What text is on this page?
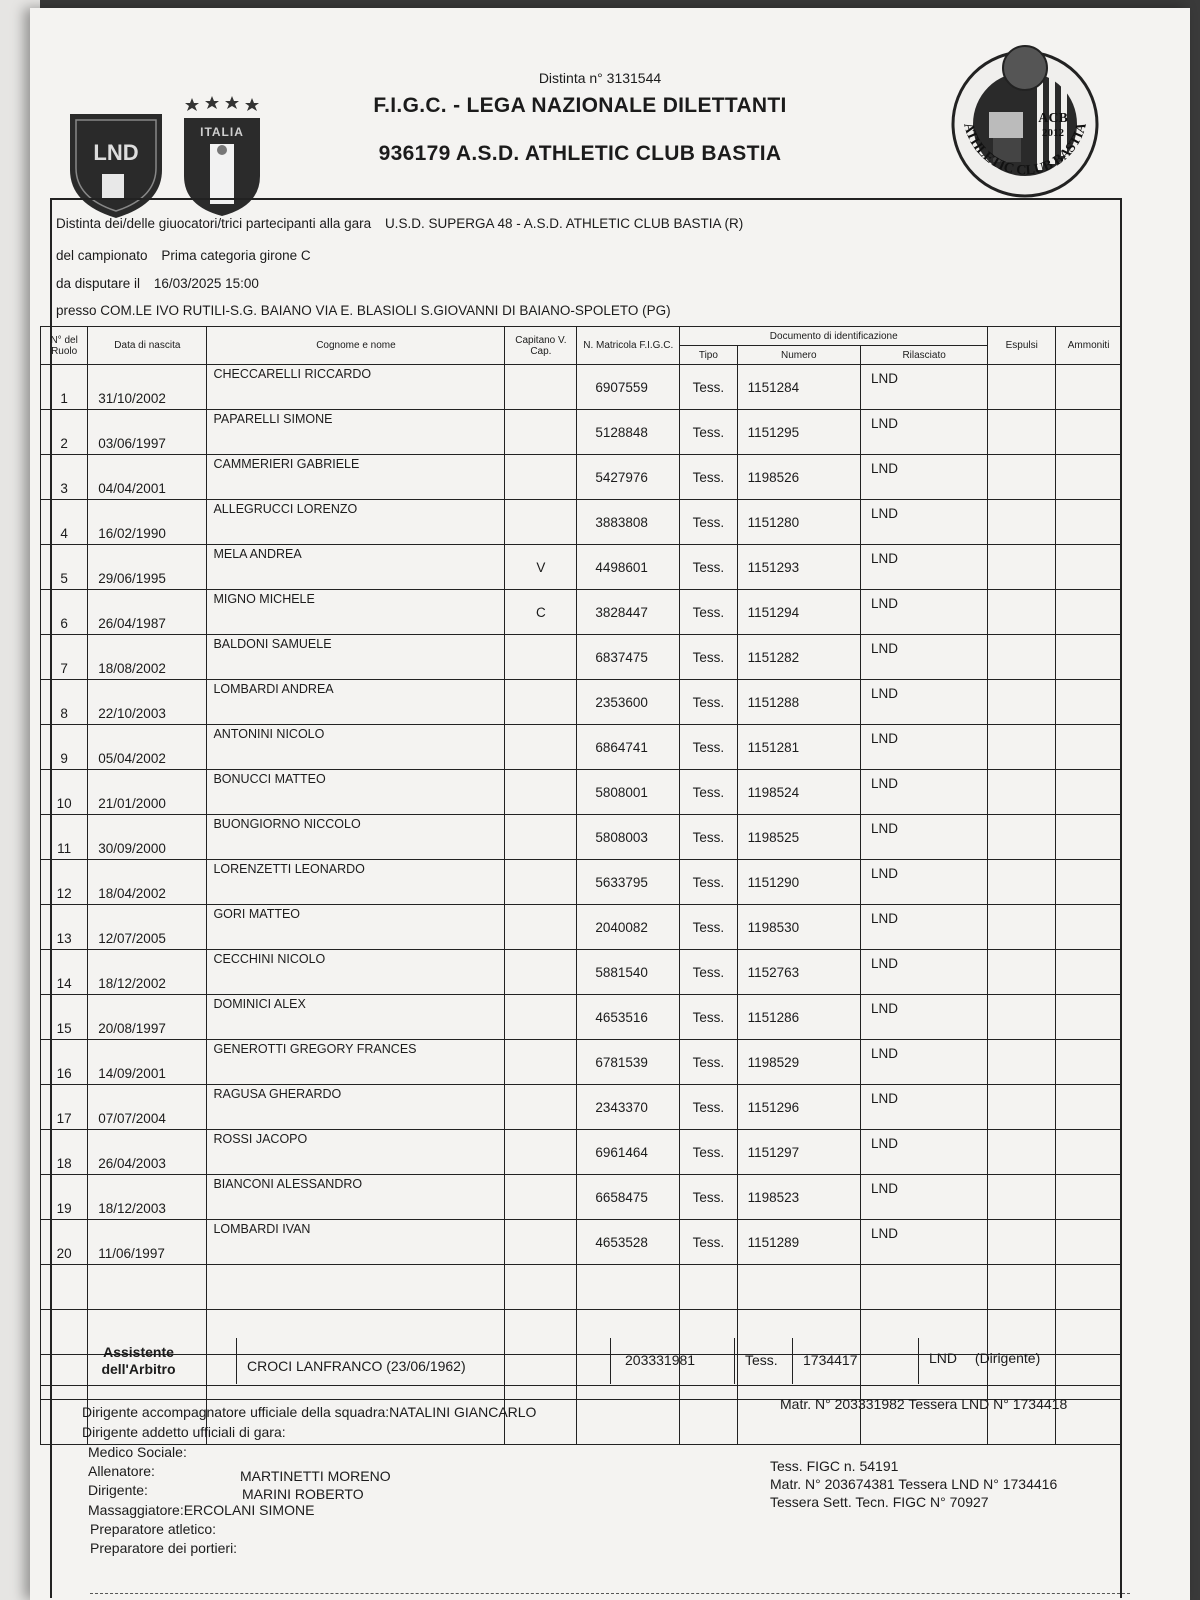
LND
ITALIA
Distinta n° 3131544
F.I.G.C. - LEGA NAZIONALE DILETTANTI
936179 A.S.D. ATHLETIC CLUB BASTIA
ACB
2012
ATHLETIC CLUB BASTIA
Distinta dei/delle giuocatori/trici partecipanti alla gara U.S.D. SUPERGA 48 - A.S.D. ATHLETIC CLUB BASTIA (R)
del campionato Prima categoria girone C
da disputare il 16/03/2025 15:00
presso COM.LE IVO RUTILI-S.G. BAIANO VIA E. BLASIOLI S.GIOVANNI DI BAIANO-SPOLETO (PG)
N° del Ruolo	Data di nascita	Cognome e nome	Capitano V. Cap.	N. Matricola F.I.G.C.	Documento di identificazione			Espulsi	Ammoniti
					Tipo	Numero	Rilasciato		
1	31/10/2002	CHECCARELLI RICCARDO		6907559	Tess.	1151284	LND		
2	03/06/1997	PAPARELLI SIMONE		5128848	Tess.	1151295	LND		
3	04/04/2001	CAMMERIERI GABRIELE		5427976	Tess.	1198526	LND		
4	16/02/1990	ALLEGRUCCI LORENZO		3883808	Tess.	1151280	LND		
5	29/06/1995	MELA ANDREA	V	4498601	Tess.	1151293	LND		
6	26/04/1987	MIGNO MICHELE	C	3828447	Tess.	1151294	LND		
7	18/08/2002	BALDONI SAMUELE		6837475	Tess.	1151282	LND		
8	22/10/2003	LOMBARDI ANDREA		2353600	Tess.	1151288	LND		
9	05/04/2002	ANTONINI NICOLO		6864741	Tess.	1151281	LND		
10	21/01/2000	BONUCCI MATTEO		5808001	Tess.	1198524	LND		
11	30/09/2000	BUONGIORNO NICCOLO		5808003	Tess.	1198525	LND		
12	18/04/2002	LORENZETTI LEONARDO		5633795	Tess.	1151290	LND		
13	12/07/2005	GORI MATTEO		2040082	Tess.	1198530	LND		
14	18/12/2002	CECCHINI NICOLO		5881540	Tess.	1152763	LND		
15	20/08/1997	DOMINICI ALEX		4653516	Tess.	1151286	LND		
16	14/09/2001	GENEROTTI GREGORY FRANCES		6781539	Tess.	1198529	LND		
17	07/07/2004	RAGUSA GHERARDO		2343370	Tess.	1151296	LND		
18	26/04/2003	ROSSI JACOPO		6961464	Tess.	1151297	LND		
19	18/12/2003	BIANCONI ALESSANDRO		6658475	Tess.	1198523	LND		
20	11/06/1997	LOMBARDI IVAN		4653528	Tess.	1151289	LND		

Assistente
dell'Arbitro	CROCI LANFRANCO (23/06/1962)	203331981	Tess.	1734417	LND (Dirigente)
Dirigente accompagnatore ufficiale della squadra:NATALINI GIANCARLO	Matr. N° 203331982 Tessera LND N° 1734418
Dirigente addetto ufficiali di gara:
Medico Sociale:
Allenatore:	MARTINETTI MORENO
Dirigente:	MARINI ROBERTO
Massaggiatore:ERCOLANI SIMONE
Preparatore atletico:
Preparatore dei portieri:
Tess. FIGC n. 54191
Matr. N° 203674381 Tessera LND N° 1734416
Tessera Sett. Tecn. FIGC N° 70927
